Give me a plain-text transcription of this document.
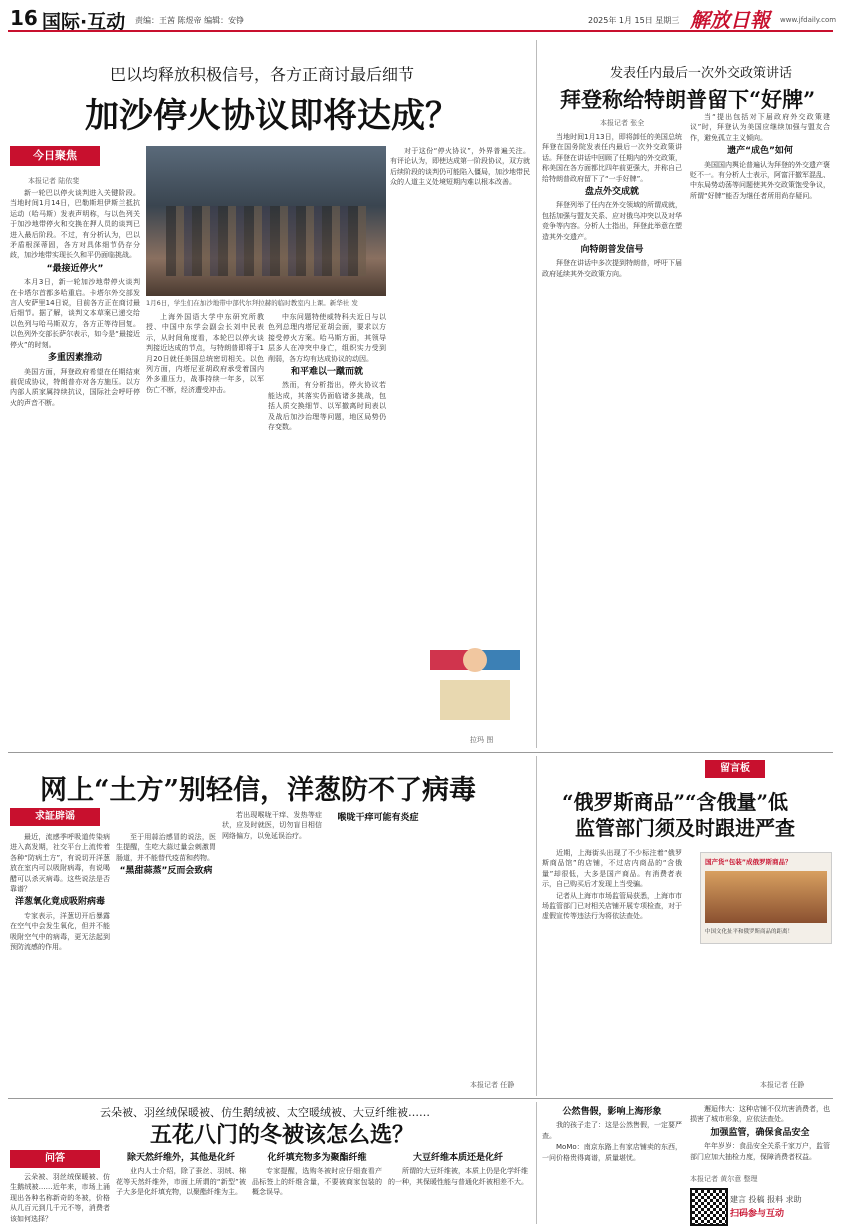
16 国际·互动 责编：王茜 陈煜帝 编辑：安铮	2025年 1月 15日 星期三 解放日報 www.jfdaily.com
巴以均释放积极信号，各方正商讨最后细节
加沙停火协议即将达成？
今日聚焦
本报记者 陆依斐

新一轮巴以停火谈判进入关键阶段。当地时间1月14日，巴勒斯坦伊斯兰抵抗运动（哈马斯）发表声明称，与以色列关于加沙地带停火和交换在押人员的谈判已进入最后阶段。不过，有分析认为，巴以矛盾根深蒂固，各方对具体细节仍存分歧，加沙地带实现长久和平仍面临挑战。

“最接近停火”

本月3日，新一轮加沙地带停火谈判在卡塔尔首都多哈重启。卡塔尔外交部发言人安萨里14日说，目前各方正在商讨最后细节。据了解，谈判文本草案已递交给以色列与哈马斯双方，各方正等待回复。以色列外交部长萨尔表示，如今是“最接近停火”的时刻。

多重因素推动

美国方面，拜登政府希望在任期结束前促成协议，特朗普亦对各方施压。以方内部人质家属持续抗议，国际社会呼吁停火的声音不断。

1月6日，学生们在加沙地带中部代尔拜拉赫的临时教室内上课。新华社 发

上海外国语大学中东研究所教授、中国中东学会副会长刘中民表示，从时间角度看，本轮巴以停火谈判接近达成的节点，与特朗普即将于1月20日就任美国总统密切相关。以色列方面，内塔尼亚胡政府承受着国内外多重压力，战事持续一年多，以军伤亡不断，经济遭受冲击。

中东问题特使威特科夫近日与以色列总理内塔尼亚胡会面，要求以方接受停火方案。哈马斯方面，其领导层多人在冲突中身亡，组织实力受到削弱，各方均有达成协议的动因。

和平难以一蹴而就

然而，有分析指出，停火协议若能达成，其落实仍面临诸多挑战，包括人质交换细节、以军撤离时间表以及战后加沙治理等问题，地区局势仍存变数。

对于这份“停火协议”，外界普遍关注。有评论认为，即使达成第一阶段协议，双方就后续阶段的谈判仍可能陷入僵局，加沙地带民众的人道主义处境短期内难以根本改善。

拉玛 图
发表任内最后一次外交政策讲话
拜登称给特朗普留下“好牌”
本报记者 张全

当地时间1月13日，即将卸任的美国总统拜登在国务院发表任内最后一次外交政策讲话。拜登在讲话中回顾了任期内的外交政策，称美国在各方面都比四年前更强大，并称自己给特朗普政府留下了“一手好牌”。

盘点外交成就

拜登列举了任内在外交领域的所谓成就，包括加强与盟友关系、应对俄乌冲突以及对华竞争等内容。分析人士指出，拜登此举意在塑造其外交遗产。

向特朗普发信号

拜登在讲话中多次提到特朗普，呼吁下届政府延续其外交政策方向。

当“提出包括对下届政府外交政策建议”时，拜登认为美国应继续加强与盟友合作，避免孤立主义倾向。

遗产“成色”如何

美国国内舆论普遍认为拜登的外交遗产褒贬不一。有分析人士表示，阿富汗撤军混乱、中东局势动荡等问题使其外交政策饱受争议，所谓“好牌”能否为继任者所用尚存疑问。

网上“土方”别轻信，洋葱防不了病毒
求証辟谣

最近，流感季呼吸道传染病进入高发期，社交平台上流传着各种“防病土方”，有说切开洋葱放在室内可以吸附病毒，有说喝醋可以杀灭病毒。这些说法是否靠谱？

洋葱氧化竟成吸附病毒

专家表示，洋葱切开后暴露在空气中会发生氧化，但并不能吸附空气中的病毒，更无法起到预防流感的作用。

至于用蒜治感冒的说法，医生提醒，生吃大蒜过量会刺激胃肠道，并不能替代疫苗和药物。

“黑甜蒜蒸”反而会致病

若出现喉咙干痒、发热等症状，应及时就医，切勿盲目相信网络偏方，以免延误治疗。

喉咙干痒可能有炎症
本报记者 任静
留言板
“俄罗斯商品”“含俄量”低
监管部门须及时跟进严查

近期，上海街头出现了不少标注着“俄罗斯商品馆”的店铺，不过店内商品的“含俄量”却很低，大多是国产商品。有消费者表示，自己购买后才发现上当受骗。

记者从上海市市场监管局获悉，上海市市场监管部门已对相关店铺开展专项检查，对于虚假宣传等违法行为将依法查处。

国产货“包装”成俄罗斯商品？
中国文化扯平和俄罗斯商品的距离！
本报记者 任静
云朵被、羽丝绒保暖被、仿生鹅绒被、太空暖绒被、大豆纤维被……
五花八门的冬被该怎么选？
问答

云朵被、羽丝绒保暖被、仿生鹅绒被……近年来，市场上涌现出各种名称新奇的冬被，价格从几百元到几千元不等，消费者该如何选择？

除天然纤维外，其他是化纤

业内人士介绍，除了蚕丝、羽绒、棉花等天然纤维外，市面上所谓的“新型”被子大多是化纤填充物，以聚酯纤维为主。

化纤填充物多为聚酯纤维

专家提醒，选购冬被时应仔细查看产品标签上的纤维含量，不要被商家包装的概念误导。

大豆纤维本质还是化纤

所谓的大豆纤维被，本质上仍是化学纤维的一种，其保暖性能与普通化纤被相差不大。

公然售假，影响上海形象

我的孩子走了：这是公然售假，一定要严查。

MoMo：南京东路上有家店铺卖的东西，一问价格贵得离谱，质量堪忧。

邂逅伟大：这种店铺不仅坑害消费者，也损害了城市形象，应依法查处。

加强监管，确保食品安全

年年岁岁：食品安全关系千家万户，监管部门应加大抽检力度，保障消费者权益。

本报记者 黄尔意 整理
建言 投稿 报料 求助
扫码参与互动
